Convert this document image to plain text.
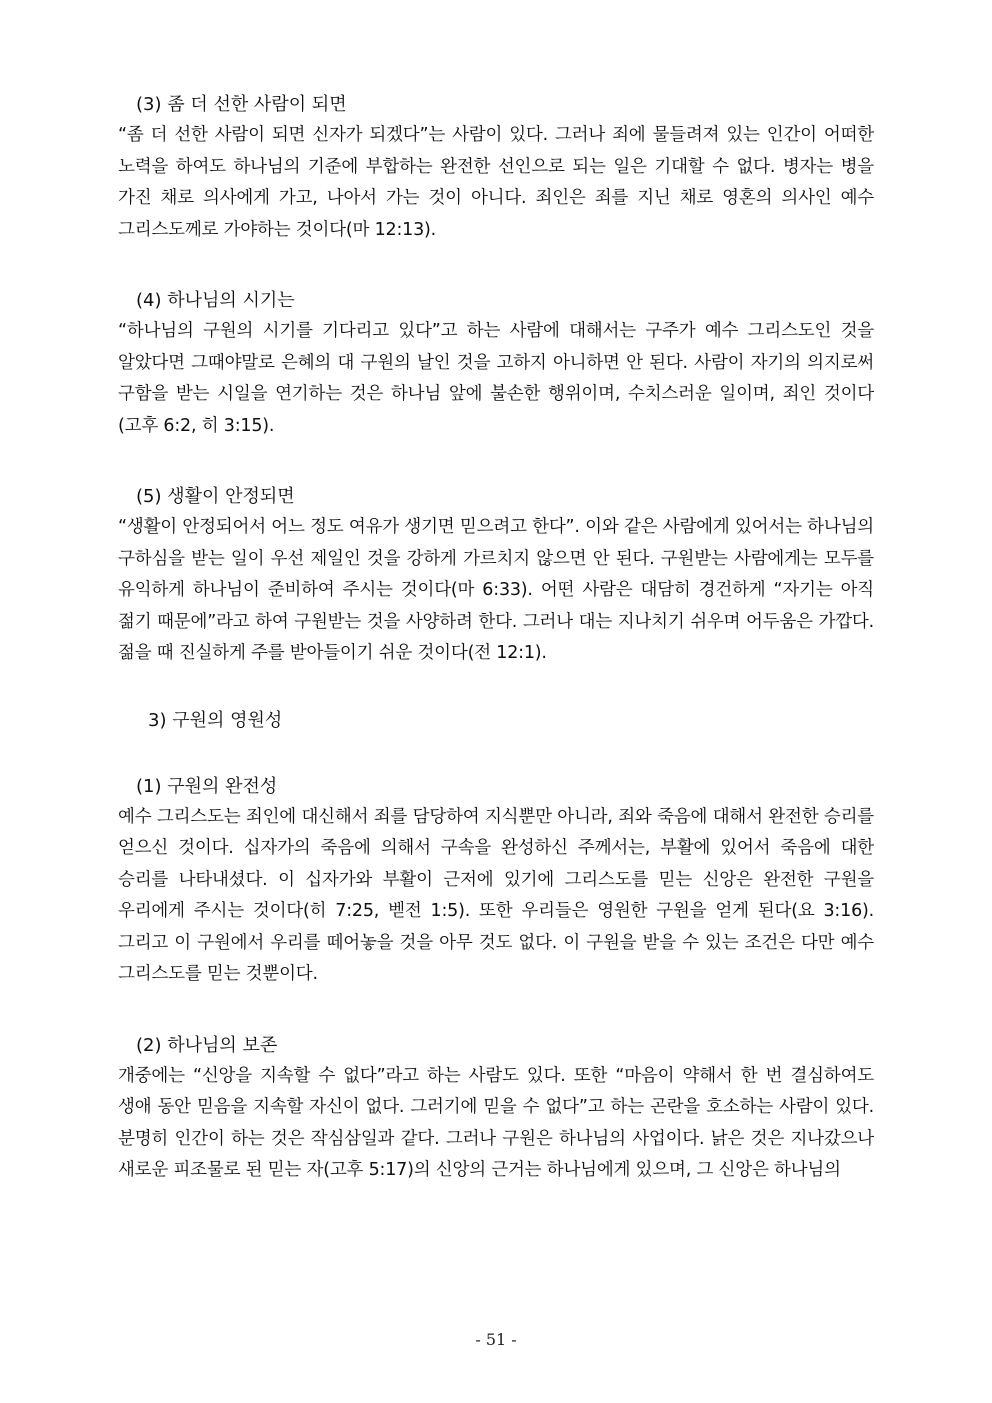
(3) 좀 더 선한 사람이 되면

“좀 더 선한 사람이 되면 신자가 되겠다”는 사람이 있다. 그러나 죄에 물들려져 있는 인간이 어떠한 노력을 하여도 하나님의 기준에 부합하는 완전한 선인으로 되는 일은 기대할 수 없다. 병자는 병을 가진 채로 의사에게 가고, 나아서 가는 것이 아니다. 죄인은 죄를 지닌 채로 영혼의 의사인 예수 그리스도께로 가야하는 것이다(마 12:13).

(4) 하나님의 시기는

“하나님의 구원의 시기를 기다리고 있다”고 하는 사람에 대해서는 구주가 예수 그리스도인 것을 알았다면 그때야말로 은혜의 대 구원의 날인 것을 고하지 아니하면 안 된다. 사람이 자기의 의지로써 구함을 받는 시일을 연기하는 것은 하나님 앞에 불손한 행위이며, 수치스러운 일이며, 죄인 것이다(고후 6:2, 히 3:15).

(5) 생활이 안정되면

“생활이 안정되어서 어느 정도 여유가 생기면 믿으려고 한다”. 이와 같은 사람에게 있어서는 하나님의 구하심을 받는 일이 우선 제일인 것을 강하게 가르치지 않으면 안 된다. 구원받는 사람에게는 모두를 유익하게 하나님이 준비하여 주시는 것이다(마 6:33). 어떤 사람은 대담히 경건하게 “자기는 아직 젊기 때문에”라고 하여 구원받는 것을 사양하려 한다. 그러나 대는 지나치기 쉬우며 어두움은 가깝다. 젊을 때 진실하게 주를 받아들이기 쉬운 것이다(전 12:1).

3) 구원의 영원성
(1) 구원의 완전성

예수 그리스도는 죄인에 대신해서 죄를 담당하여 지식뿐만 아니라, 죄와 죽음에 대해서 완전한 승리를 얻으신 것이다. 십자가의 죽음에 의해서 구속을 완성하신 주께서는, 부활에 있어서 죽음에 대한 승리를 나타내셨다. 이 십자가와 부활이 근저에 있기에 그리스도를 믿는 신앙은 완전한 구원을 우리에게 주시는 것이다(히 7:25, 벧전 1:5). 또한 우리들은 영원한 구원을 얻게 된다(요 3:16). 그리고 이 구원에서 우리를 떼어놓을 것을 아무 것도 없다. 이 구원을 받을 수 있는 조건은 다만 예수 그리스도를 믿는 것뿐이다.

(2) 하나님의 보존

개중에는 “신앙을 지속할 수 없다”라고 하는 사람도 있다. 또한 “마음이 약해서 한 번 결심하여도 생애 동안 믿음을 지속할 자신이 없다. 그러기에 믿을 수 없다”고 하는 곤란을 호소하는 사람이 있다. 분명히 인간이 하는 것은 작심삼일과 같다. 그러나 구원은 하나님의 사업이다. 낡은 것은 지나갔으나 새로운 피조물로 된 믿는 자(고후 5:17)의 신앙의 근거는 하나님에게 있으며, 그 신앙은 하나님의

- 51 -
